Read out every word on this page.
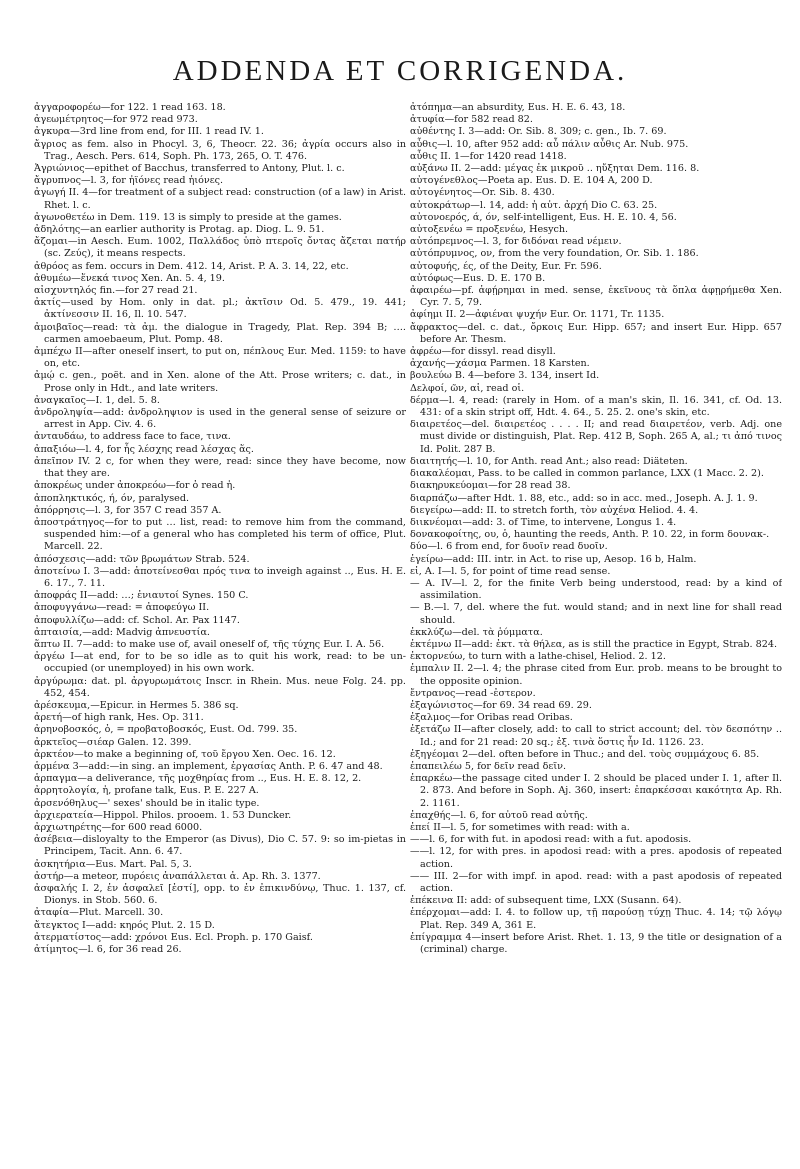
ADDENDA ET CORRIGENDA.

ἀγγαροφορέω—for 122. 1 read 163. 18.

ἀγεωμέτρητος—for 972 read 973.

ἀγκυρα—3rd line from end, for III. 1 read IV. 1.

ἄγριος as fem. also in Phocyl. 3, 6, Theocr. 22. 36; ἀγρία occurs also in Trag., Aesch. Pers. 614, Soph. Ph. 173, 265, O. T. 476.

Ἀγριώνιος—epithet of Bacchus, transferred to Antony, Plut. l. c.

ἄγρυπνος—l. 3, for ἠϊόνες read ἠιόνες.

ἀγωγή II. 4—for treatment of a subject read: construction (of a law) in Arist. Rhet. l. c.

ἀγωνοθετέω in Dem. 119. 13 is simply to preside at the games.

ἀδηλότης—an earlier authority is Protag. ap. Diog. L. 9. 51.

ἄζομαι—in Aesch. Eum. 1002, Παλλάδος ὑπὸ πτεροῖς ὄντας ἄζεται πατήρ (sc. Ζεύς), it means respects.

ἀθρόος as fem. occurs in Dem. 412. 14, Arist. P. A. 3. 14, 22, etc.

ἀθυμέω—ἕνεκά τινος Xen. An. 5. 4, 19.

αἰσχυντηλός fin.—for 27 read 21.

ἀκτίς—used by Hom. only in dat. pl.; ἀκτῖσιν Od. 5. 479., 19. 441; ἀκτίνεσσιν II. 16, Il. 10. 547.

ἀμοιβαῖος—read: τὰ ἀμ. the dialogue in Tragedy, Plat. Rep. 394 B; …. carmen amoebaeum, Plut. Pomp. 48.

ἀμπέχω II—after oneself insert, to put on, πέπλους Eur. Med. 1159: to have on, etc.

ἀμῴ c. gen., poët. and in Xen. alone of the Att. Prose writers; c. dat., in Prose only in Hdt., and late writers.

ἀναγκαῖος—I. 1, del. 5. 8.

ἀνδροληψία—add: ἀνδροληψιον is used in the general sense of seizure or arrest in App. Civ. 4. 6.

ἀνταυδάω, to address face to face, τινα.

ἀπαξιόω—l. 4, for ἧς λέσχης read λέσχας ἅς.

ἀπεῖπον IV. 2 c, for when they were, read: since they have become, now that they are.

ἀποκρέως under ἀποκρεόω—for ὁ read ἡ.

ἀποπληκτικός, ή, όν, paralysed.

ἀπόρρησις—l. 3, for 357 C read 357 A.

ἀποστράτηγος—for to put … list, read: to remove him from the command, suspended him:—of a general who has completed his term of office, Plut. Marcell. 22.

ἀπόσχεσις—add: τῶν βρωμάτων Strab. 524.

ἀποτείνω I. 3—add: ἀποτείνεσθαι πρός τινα to inveigh against .., Eus. H. E. 6. 17., 7. 11.

ἀποφράς II—add: …; ἐνιαυτοί Synes. 150 C.

ἀποφυγγάνω—read: = ἀποφεύγω II.

ἀποφυλλίζω—add: cf. Schol. Ar. Pax 1147.

ἀπταισία,—add: Madvig ἀπνευστία.

ἅπτω II. 7—add: to make use of, avail oneself of, τῆς τύχης Eur. I. A. 56.

ἀργέω I—at end, for to be so idle as to quit his work, read: to be un-occupied (or unemployed) in his own work.

ἀργύρωμα: dat. pl. ἀργυρωμάτοις Inscr. in Rhein. Mus. neue Folg. 24. pp. 452, 454.

ἀρέσκευμα,—Epicur. in Hermes 5. 386 sq.

ἀρετή—of high rank, Hes. Op. 311.

ἀρηνοβοσκός, ὁ, = προβατοβοσκός, Eust. Od. 799. 35.

ἀρκτεῖος—σιέαρ Galen. 12. 399.

ἀρκτέον—to make a beginning of, τοῦ ἔργου Xen. Oec. 16. 12.

ἁρμένα 3—add:—in sing. an implement, ἐργασίας Anth. P. 6. 47 and 48.

ἁρπαγμα—a deliverance, τῆς μοχθηρίας from .., Eus. H. E. 8. 12, 2.

ἀρρητολογία, ἡ, profane talk, Eus. P. E. 227 A.

ἀρσενόθηλυς—' sexes' should be in italic type.

ἀρχιερατεία—Hippol. Philos. prooem. 1. 53 Duncker.

ἀρχιωτηρέτης—for 600 read 6000.

ἀσέβεια—disloyalty to the Emperor (as Divus), Dio C. 57. 9: so im-pietas in Principem, Tacit. Ann. 6. 47.

ἀσκητήρια—Eus. Mart. Pal. 5, 3.

ἀστήρ—a meteor, πυρόεις ἀναπάλλεται ἀ. Ap. Rh. 3. 1377.

ἀσφαλής I. 2, ἐν ἀσφαλεῖ [ἐστί], opp. to ἐν ἐπικινδύνῳ, Thuc. 1. 137, cf. Dionys. in Stob. 560. 6.

ἀταφία—Plut. Marcell. 30.

ἄτεγκτος I—add: κηρός Plut. 2. 15 D.

ἀτερματίστος—add: χρόνοι Eus. Ecl. Proph. p. 170 Gaisf.

ἀτίμητος—l. 6, for 36 read 26.

ἀτόπημα—an absurdity, Eus. H. E. 6. 43, 18.

ἀτυφία—for 582 read 82.

αὐθέντης I. 3—add: Or. Sib. 8. 309; c. gen., Ib. 7. 69.

αὖθις—l. 10, after 952 add: αὖ πάλιν αὖθις Ar. Nub. 975.

αὖθις II. 1—for 1420 read 1418.

αὐξάνω II. 2—add: μέγας ἐκ μικροῦ .. ηὔξηται Dem. 116. 8.

αὐτογένεθλος—Poeta ap. Eus. D. E. 104 A, 200 D.

αὐτογένητος—Or. Sib. 8. 430.

αὐτοκράτωρ—l. 14, add: ἡ αὐτ. ἀρχή Dio C. 63. 25.

αὐτονοερός, ά, όν, self-intelligent, Eus. H. E. 10. 4, 56.

αὐτοξενέω = προξενέω, Hesych.

αὐτόπρεμνος—l. 3, for διδόναι read νέμειν.

αὐτόπρυμνος, ον, from the very foundation, Or. Sib. 1. 186.

αὐτοφυής, ές, of the Deity, Eur. Fr. 596.

αὐτόφως—Eus. D. E. 170 B.

ἀφαιρέω—pf. ἀφῄρημαι in med. sense, ἐκεῖνους τὰ ὅπλα ἀφῃρήμεθα Xen. Cyr. 7. 5, 79.

ἀφίημι II. 2—ἀφιέναι ψυχήν Eur. Or. 1171, Tr. 1135.

ἄφρακτος—del. c. dat., ὄρκοις Eur. Hipp. 657; and insert Eur. Hipp. 657 before Ar. Thesm.

ἀφρέω—for dissyl. read disyll.

ἀχανής—χάσμα Parmen. 18 Karsten.

βουλεύω B. 4—before 3. 134, insert Id.

Δελφοί, ῶν, αἱ, read οἱ.

δέρμα—l. 4, read: (rarely in Hom. of a man's skin, Il. 16. 341, cf. Od. 13. 431: of a skin stript off, Hdt. 4. 64., 5. 25. 2. one's skin, etc.

διαιρετέος—del. διαιρετέος . . . . II; and read διαιρετέον, verb. Adj. one must divide or distinguish, Plat. Rep. 412 B, Soph. 265 A, al.; τι ἀπό τινος Id. Polit. 287 B.

διαιτητής—l. 10, for Anth. read Ant.; also read: Diäteten.

διακαλέομαι, Pass. to be called in common parlance, LXX (1 Macc. 2. 2).

διακηρυκεύομαι—for 28 read 38.

διαρπάζω—after Hdt. 1. 88, etc., add: so in acc. med., Joseph. A. J. 1. 9.

διεγείρω—add: II. to stretch forth, τὸν αὐχένα Heliod. 4. 4.

διικνέομαι—add: 3. of Time, to intervene, Longus 1. 4.

δονακοφοίτης, ου, ὁ, haunting the reeds, Anth. P. 10. 22, in form δουνακ-.

δύο—l. 6 from end, for δυοῖν read δυοῖν.

ἐγείρω—add: III. intr. in Act. to rise up, Aesop. 16 b, Halm.

εἰ, A. I—l. 5, for point of time read sense.

— A. IV—l. 2, for the finite Verb being understood, read: by a kind of assimilation.

— B.—l. 7, del. where the fut. would stand; and in next line for shall read should.

ἐκκλύζω—del. τὰ ῥύμματα.

ἐκτέμνω II—add: ἐκτ. τὰ θήλεα, as is still the practice in Egypt, Strab. 824.

ἐκτορνεύω, to turn with a lathe-chisel, Heliod. 2. 12.

ἐμπαλιν II. 2—l. 4; the phrase cited from Eur. prob. means to be brought to the opposite opinion.

ἔντρανος—read -ἐστερον.

ἐξαγώνιστος—for 69. 34 read 69. 29.

ἐξαλμος—for Oribas read Oribas.

ἐξετάζω II—after closely, add: to call to strict account; del. τὸν δεσπότην .. Id.; and for 21 read: 20 sq.; ἐξ. τινὰ ὅστις ἦν Id. 1126. 23.

ἐξηγέομαι 2—del. often before in Thuc.; and del. τοὺς συμμάχους 6. 85.

ἐπαπειλέω 5, for δεῖν read δεῖν.

ἐπαρκέω—the passage cited under I. 2 should be placed under I. 1, after Il. 2. 873. And before in Soph. Aj. 360, insert: ἐπαρκέσσαι κακότητα Ap. Rh. 2. 1161.

ἐπαχθής—l. 6, for αὐτοῦ read αὐτῆς.

ἐπεί II—l. 5, for sometimes with read: with a.

——l. 6, for with fut. in apodosi read: with a fut. apodosis.

——l. 12, for with pres. in apodosi read: with a pres. apodosis of repeated action.

—— III. 2—for with impf. in apod. read: with a past apodosis of repeated action.

ἐπέκεινα II: add: of subsequent time, LXX (Susann. 64).

ἐπέρχομαι—add: I. 4. to follow up, τῇ παρούσῃ τύχῃ Thuc. 4. 14; τῷ λόγῳ Plat. Rep. 349 A, 361 E.

ἐπίγραμμα 4—insert before Arist. Rhet. 1. 13, 9 the title or designation of a (criminal) charge.
